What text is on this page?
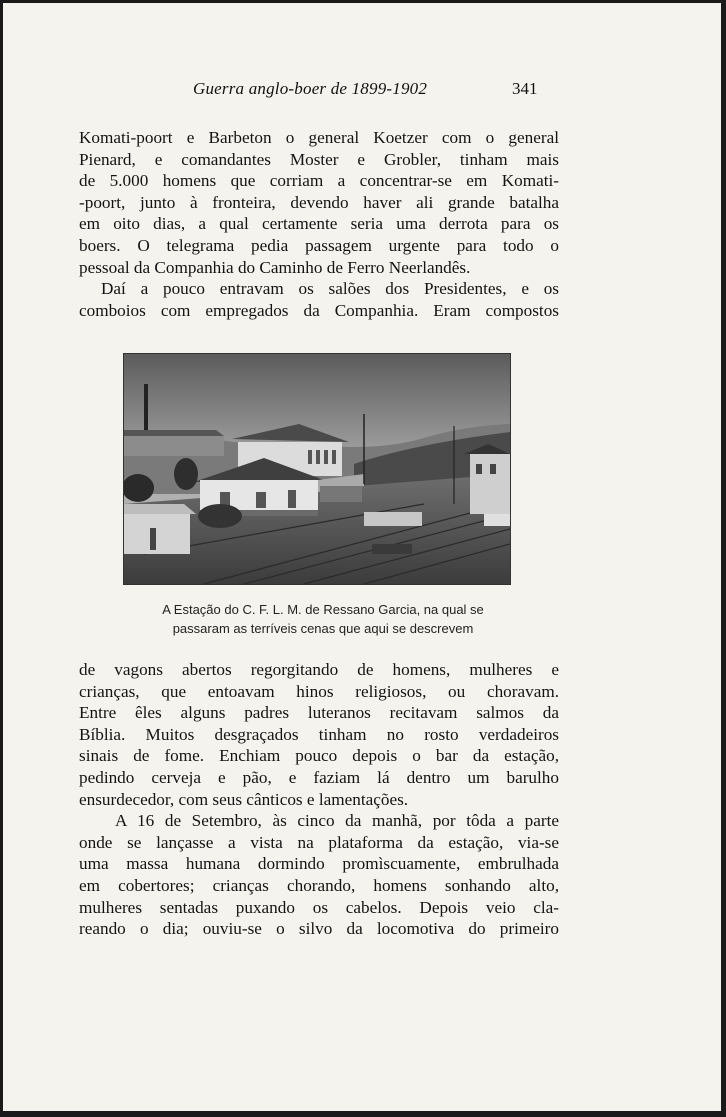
Guerra anglo-boer de 1899-1902	341
Komati-poort e Barbeton o general Koetzer com o general
Pienard, e comandantes Moster e Grobler, tinham mais
de 5.000 homens que corriam a concentrar-se em Komati-
-poort, junto à fronteira, devendo haver ali grande batalha
em oito dias, a qual certamente seria uma derrota para os
boers. O telegrama pedia passagem urgente para todo o
pessoal da Companhia do Caminho de Ferro Neerlandês.
Daí a pouco entravam os salões dos Presidentes, e os
comboios com empregados da Companhia. Eram compostos
A Estação do C. F. L. M. de Ressano Garcia, na qual se
passaram as terríveis cenas que aqui se descrevem
de vagons abertos regorgitando de homens, mulheres e
crianças, que entoavam hinos religiosos, ou choravam.
Entre êles alguns padres luteranos recitavam salmos da
Bíblia. Muitos desgraçados tinham no rosto verdadeiros
sinais de fome. Enchiam pouco depois o bar da estação,
pedindo cerveja e pão, e faziam lá dentro um barulho
ensurdecedor, com seus cânticos e lamentações.
A 16 de Setembro, às cinco da manhã, por tôda a parte
onde se lançasse a vista na plataforma da estação, via-se
uma massa humana dormindo promìscuamente, embrulhada
em cobertores; crianças chorando, homens sonhando alto,
mulheres sentadas puxando os cabelos. Depois veio cla-
reando o dia; ouviu-se o silvo da locomotiva do primeiro
